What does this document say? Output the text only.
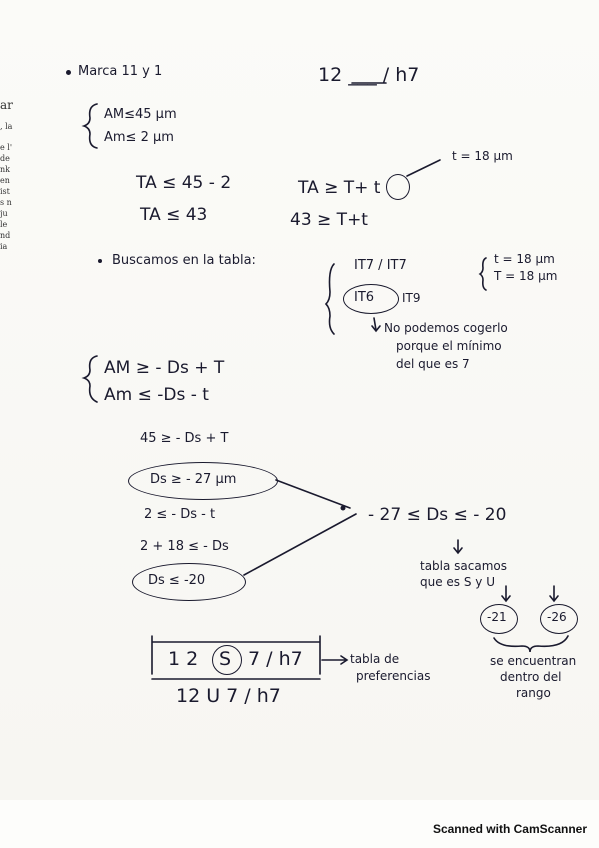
ar
, la
e l'
de
nk
en
ist
s n
ju
le
nd
ia
Marca 11 y 1	12 ___ / h7
AM≤45 μm
Am≤ 2 μm
t = 18 μm
TA ≤ 45 - 2
TA ≤ 43
TA ≥ T+ t
43 ≥ T+t
Buscamos en la tabla:	IT7 / IT7	t = 18 μm
T = 18 μm
IT6 IT9
No podemos cogerlo
porque el mínimo
del que es 7
AM ≥ - Ds + T
Am ≤ -Ds - t
45 ≥ - Ds + T
Ds ≥ - 27 μm
2 ≤ - Ds - t
2 + 18 ≤ - Ds
Ds ≤ -20
- 27 ≤ Ds ≤ - 20
tabla sacamos
que es S y U
-21	-26
se encuentran
dentro del
rango
1 2 S 7 / h7	tabla de
preferencias
12 U 7 / h7
Scanned with CamScanner
